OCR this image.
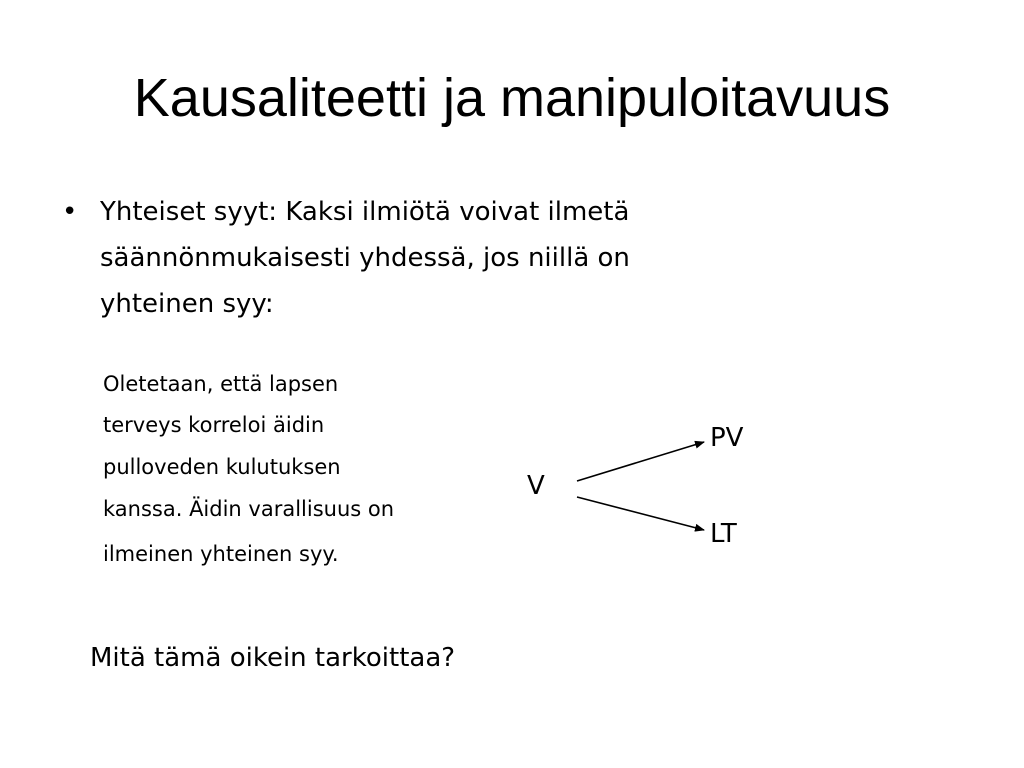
Kausaliteetti ja manipuloitavuus
• Yhteiset syyt: Kaksi ilmiötä voivat ilmetä
säännönmukaisesti yhdessä, jos niillä on
yhteinen syy:
Oletetaan, että lapsen
terveys korreloi äidin
pulloveden kulutuksen
kanssa. Äidin varallisuus on
ilmeinen yhteinen syy.
V
PV
LT
Mitä tämä oikein tarkoittaa?
